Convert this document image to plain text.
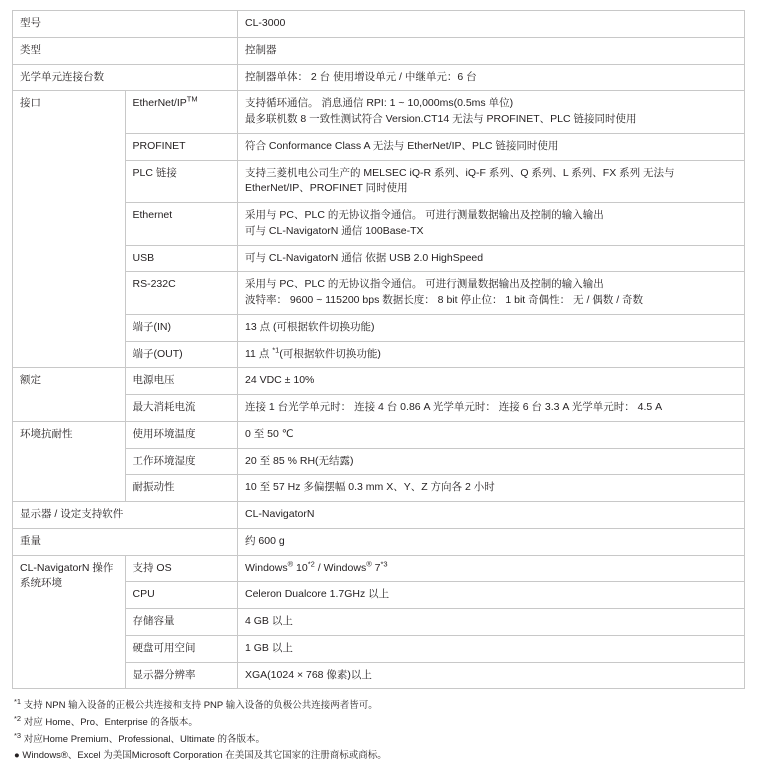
型号		CL-3000
类型		控制器
光学单元连接台数		控制器单体： 2 台 使用增设单元 / 中继单元：6 台
接口	EtherNet/IP™	支持循环通信。 消息通信 RPI: 1 ~ 10,000ms(0.5ms 单位)
最多联机数 8 一致性测试符合 Version.CT14 无法与 PROFINET、PLC 链接同时使用

	PROFINET	符合 Conformance Class A 无法与 EtherNet/IP、PLC 链接同时使用
	PLC 链接	支持三菱机电公司生产的 MELSEC iQ-R 系列、iQ-F 系列、Q 系列、L 系列、FX 系列 无法与 EtherNet/IP、PROFINET 同时使用
	Ethernet	采用与 PC、PLC 的无协议指令通信。 可进行测量数据输出及控制的输入输出
可与 CL-NavigatorN 通信 100Base-TX

	USB	可与 CL-NavigatorN 通信 依据 USB 2.0 HighSpeed
	RS-232C	采用与 PC、PLC 的无协议指令通信。 可进行测量数据输出及控制的输入输出
波特率： 9600 ~ 115200 bps 数据长度： 8 bit 停止位： 1 bit 奇偶性： 无 / 偶数 / 奇数

	端子(IN)	13 点 (可根据软件切换功能)
	端子(OUT)	11 点 $^{*1}$(可根据软件切换功能)
额定	电源电压	24 VDC ± 10%
	最大消耗电流	连接 1 台光学单元时： 连接 4 台 0.86 A 光学单元时： 连接 6 台 3.3 A 光学单元时： 4.5 A
环境抗耐性	使用环境温度	0 至 50 ℃
	工作环境湿度	20 至 85 % RH(无结露)
	耐振动性	10 至 57 Hz 多偏摆幅 0.3 mm X、Y、Z 方向各 2 小时
显示器 / 设定支持软件		CL-NavigatorN
重量		约 600 g
CL-NavigatorN 操作系统环境	支持 OS	Windows® 10$^{*2}$ / Windows® 7$^{*3}$
	CPU	Celeron Dualcore 1.7GHz 以上
	存储容量	4 GB 以上
	硬盘可用空间	1 GB 以上
	显示器分辨率	XGA(1024 × 768 像素)以上
$^{*1}$ 支持 NPN 输入设备的正极公共连接和支持 PNP 输入设备的负极公共连接两者皆可。
$^{*2}$ 对应 Home、Pro、Enterprise 的各版本。
$^{*3}$ 对应Home Premium、Professional、Ultimate 的各版本。
● Windows®、Excel 为美国Microsoft Corporation 在美国及其它国家的注册商标或商标。
